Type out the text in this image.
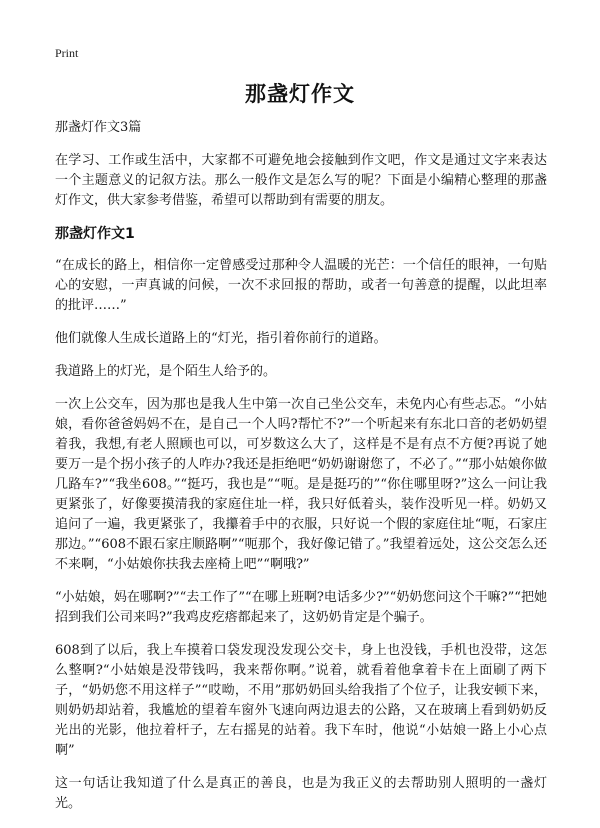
Print
那盏灯作文

那盏灯作文3篇

在学习、工作或生活中，大家都不可避免地会接触到作文吧，作文是通过文字来表达一个主题意义的记叙方法。那么一般作文是怎么写的呢？下面是小编精心整理的那盏灯作文，供大家参考借鉴，希望可以帮助到有需要的朋友。

那盏灯作文1

“在成长的路上，相信你一定曾感受过那种令人温暖的光芒：一个信任的眼神，一句贴心的安慰，一声真诚的问候，一次不求回报的帮助，或者一句善意的提醒，以此坦率的批评……”

他们就像人生成长道路上的“灯光，指引着你前行的道路。

我道路上的灯光，是个陌生人给予的。

一次上公交车，因为那也是我人生中第一次自己坐公交车，未免内心有些忐忑。“小姑娘，看你爸爸妈妈不在，是自己一个人吗?帮忙不?”一个听起来有东北口音的老奶奶望着我，我想,有老人照顾也可以，可岁数这么大了，这样是不是有点不方便?再说了她要万一是个拐小孩子的人咋办?我还是拒绝吧“奶奶谢谢您了，不必了。”“那小姑娘你做几路车?”“我坐608。”“挺巧，我也是”“呃。是是挺巧的”“你住哪里呀?”这么一问让我更紧张了，好像要摸清我的家庭住址一样，我只好低着头，装作没听见一样。奶奶又追问了一遍，我更紧张了，我攥着手中的衣服，只好说一个假的家庭住址“呃，石家庄那边。”“608不跟石家庄顺路啊”“呃那个，我好像记错了。”我望着远处，这公交怎么还不来啊，“小姑娘你扶我去座椅上吧”“啊哦?”

“小姑娘，妈在哪啊?”“去工作了”“在哪上班啊?电话多少?”“奶奶您问这个干嘛?”“把她招到我们公司来吗?”我鸡皮疙瘩都起来了，这奶奶肯定是个骗子。

608到了以后，我上车摸着口袋发现没发现公交卡，身上也没钱，手机也没带，这怎么整啊?“小姑娘是没带钱吗，我来帮你啊。”说着，就看着他拿着卡在上面刷了两下子，“奶奶您不用这样子”“哎呦，不用”那奶奶回头给我指了个位子，让我安顿下来，则奶奶却站着，我尴尬的望着车窗外飞速向两边退去的公路，又在玻璃上看到奶奶反光出的光影，他拉着杆子，左右摇晃的站着。我下车时，他说“小姑娘一路上小心点啊”

这一句话让我知道了什么是真正的善良，也是为我正义的去帮助别人照明的一盏灯光。
